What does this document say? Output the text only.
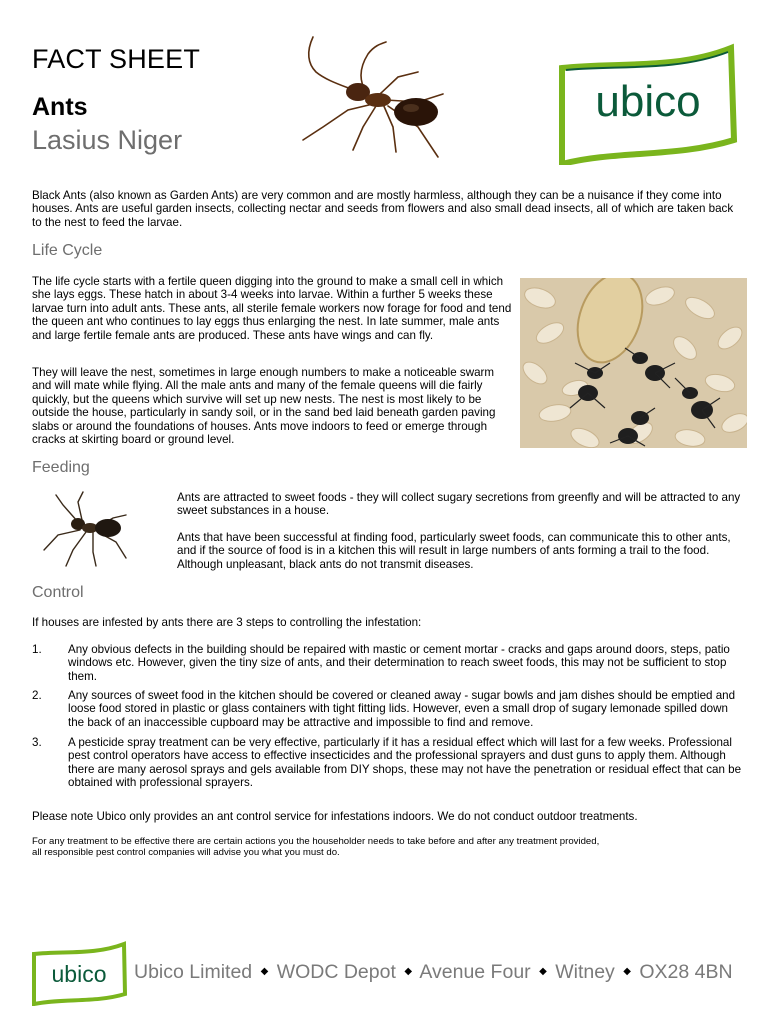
FACT SHEET
Ants
Lasius Niger
ubico

Black Ants (also known as Garden Ants) are very common and are mostly harmless, although they can be a nuisance if they come into houses. Ants are useful garden insects, collecting nectar and seeds from flowers and also small dead insects, all of which are taken back to the nest to feed the larvae.

Life Cycle

The life cycle starts with a fertile queen digging into the ground to make a small cell in which she lays eggs. These hatch in about 3-4 weeks into larvae. Within a further 5 weeks these larvae turn into adult ants. These ants, all sterile female workers now forage for food and tend the queen ant who continues to lay eggs thus enlarging the nest. In late summer, male ants and large fertile female ants are produced. These ants have wings and can fly.

They will leave the nest, sometimes in large enough numbers to make a noticeable swarm and will mate while flying. All the male ants and many of the female queens will die fairly quickly, but the queens which survive will set up new nests. The nest is most likely to be outside the house, particularly in sandy soil, or in the sand bed laid beneath garden paving slabs or around the foundations of houses. Ants move indoors to feed or emerge through cracks at skirting board or ground level.

Feeding

Ants are attracted to sweet foods - they will collect sugary secretions from greenfly and will be attracted to any sweet substances in a house.

Ants that have been successful at finding food, particularly sweet foods, can communicate this to other ants, and if the source of food is in a kitchen this will result in large numbers of ants forming a trail to the food. Although unpleasant, black ants do not transmit diseases.

Control

If houses are infested by ants there are 3 steps to controlling the infestation:

1. Any obvious defects in the building should be repaired with mastic or cement mortar - cracks and gaps around doors, steps, patio windows etc. However, given the tiny size of ants, and their determination to reach sweet foods, this may not be sufficient to stop them.
2. Any sources of sweet food in the kitchen should be covered or cleaned away - sugar bowls and jam dishes should be emptied and loose food stored in plastic or glass containers with tight fitting lids. However, even a small drop of sugary lemonade spilled down the back of an inaccessible cupboard may be attractive and impossible to find and remove.
3. A pesticide spray treatment can be very effective, particularly if it has a residual effect which will last for a few weeks. Professional pest control operators have access to effective insecticides and the professional sprayers and dust guns to apply them. Although there are many aerosol sprays and gels available from DIY shops, these may not have the penetration or residual effect that can be obtained with professional sprayers.

Please note Ubico only provides an ant control service for infestations indoors. We do not conduct outdoor treatments.

For any treatment to be effective there are certain actions you the householder needs to take before and after any treatment provided,

all responsible pest control companies will advise you what you must do.

ubico Ubico Limited ◆ WODC Depot ◆ Avenue Four ◆ Witney ◆ OX28 4BN
